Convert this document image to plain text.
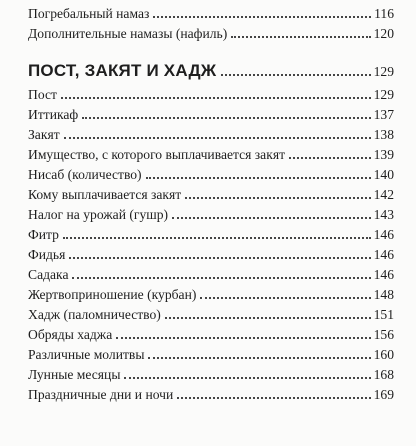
Погребальный намаз	116
Дополнительные намазы (нафиль)	120
ПОСТ, ЗАКЯТ И ХАДЖ	129
Пост	129
Иттикаф	137
Закят	138
Имущество, с которого выплачивается закят	139
Нисаб (количество)	140
Кому выплачивается закят	142
Налог на урожай (гушр)	143
Фитр	146
Фидья	146
Садака	146
Жертвоприношение (курбан)	148
Хадж (паломничество)	151
Обряды хаджа	156
Различные молитвы	160
Лунные месяцы	168
Праздничные дни и ночи	169
